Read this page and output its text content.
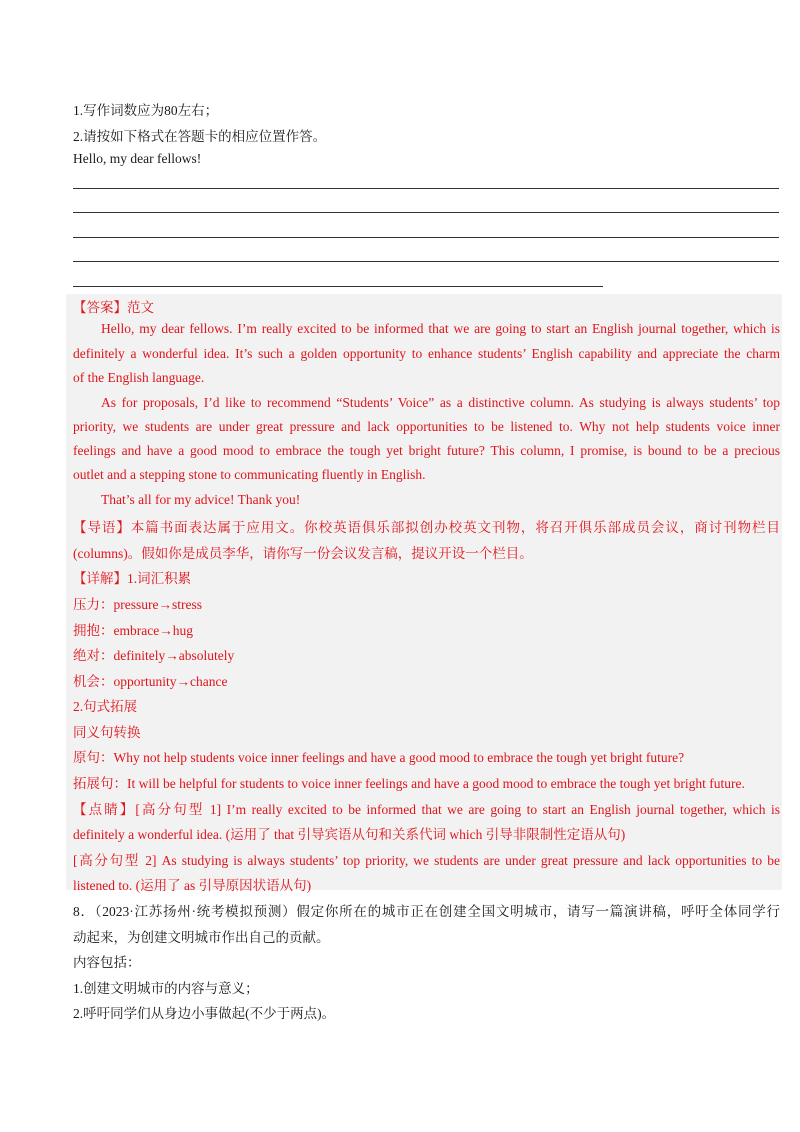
1.写作词数应为80左右；
2.请按如下格式在答题卡的相应位置作答。
Hello, my dear fellows!
【答案】范文
Hello, my dear fellows. I’m really excited to be informed that we are going to start an English journal together, which is
definitely a wonderful idea. It’s such a golden opportunity to enhance students’ English capability and appreciate the charm
of the English language.
As for proposals, I’d like to recommend “Students’ Voice” as a distinctive column. As studying is always students’ top
priority, we students are under great pressure and lack opportunities to be listened to. Why not help students voice inner
feelings and have a good mood to embrace the tough yet bright future? This column, I promise, is bound to be a precious
outlet and a stepping stone to communicating fluently in English.
That’s all for my advice! Thank you!
【导语】本篇书面表达属于应用文。你校英语俱乐部拟创办校英文刊物，将召开俱乐部成员会议，商讨刊物栏目
(columns)。假如你是成员李华，请你写一份会议发言稿，提议开设一个栏目。
【详解】1.词汇积累
压力：pressure→stress
拥抱：embrace→hug
绝对：definitely→absolutely
机会：opportunity→chance
2.句式拓展
同义句转换
原句：Why not help students voice inner feelings and have a good mood to embrace the tough yet bright future?
拓展句：It will be helpful for students to voice inner feelings and have a good mood to embrace the tough yet bright future.
【点睛】[高分句型 1] I’m really excited to be informed that we are going to start an English journal together, which is
definitely a wonderful idea. (运用了 that 引导宾语从句和关系代词 which 引导非限制性定语从句)
[高分句型 2] As studying is always students’ top priority, we students are under great pressure and lack opportunities to be
listened to. (运用了 as 引导原因状语从句)
8．（2023·江苏扬州·统考模拟预测）假定你所在的城市正在创建全国文明城市，请写一篇演讲稿，呼吁全体同学行
动起来，为创建文明城市作出自己的贡献。
内容包括：
1.创建文明城市的内容与意义；
2.呼吁同学们从身边小事做起(不少于两点)。
